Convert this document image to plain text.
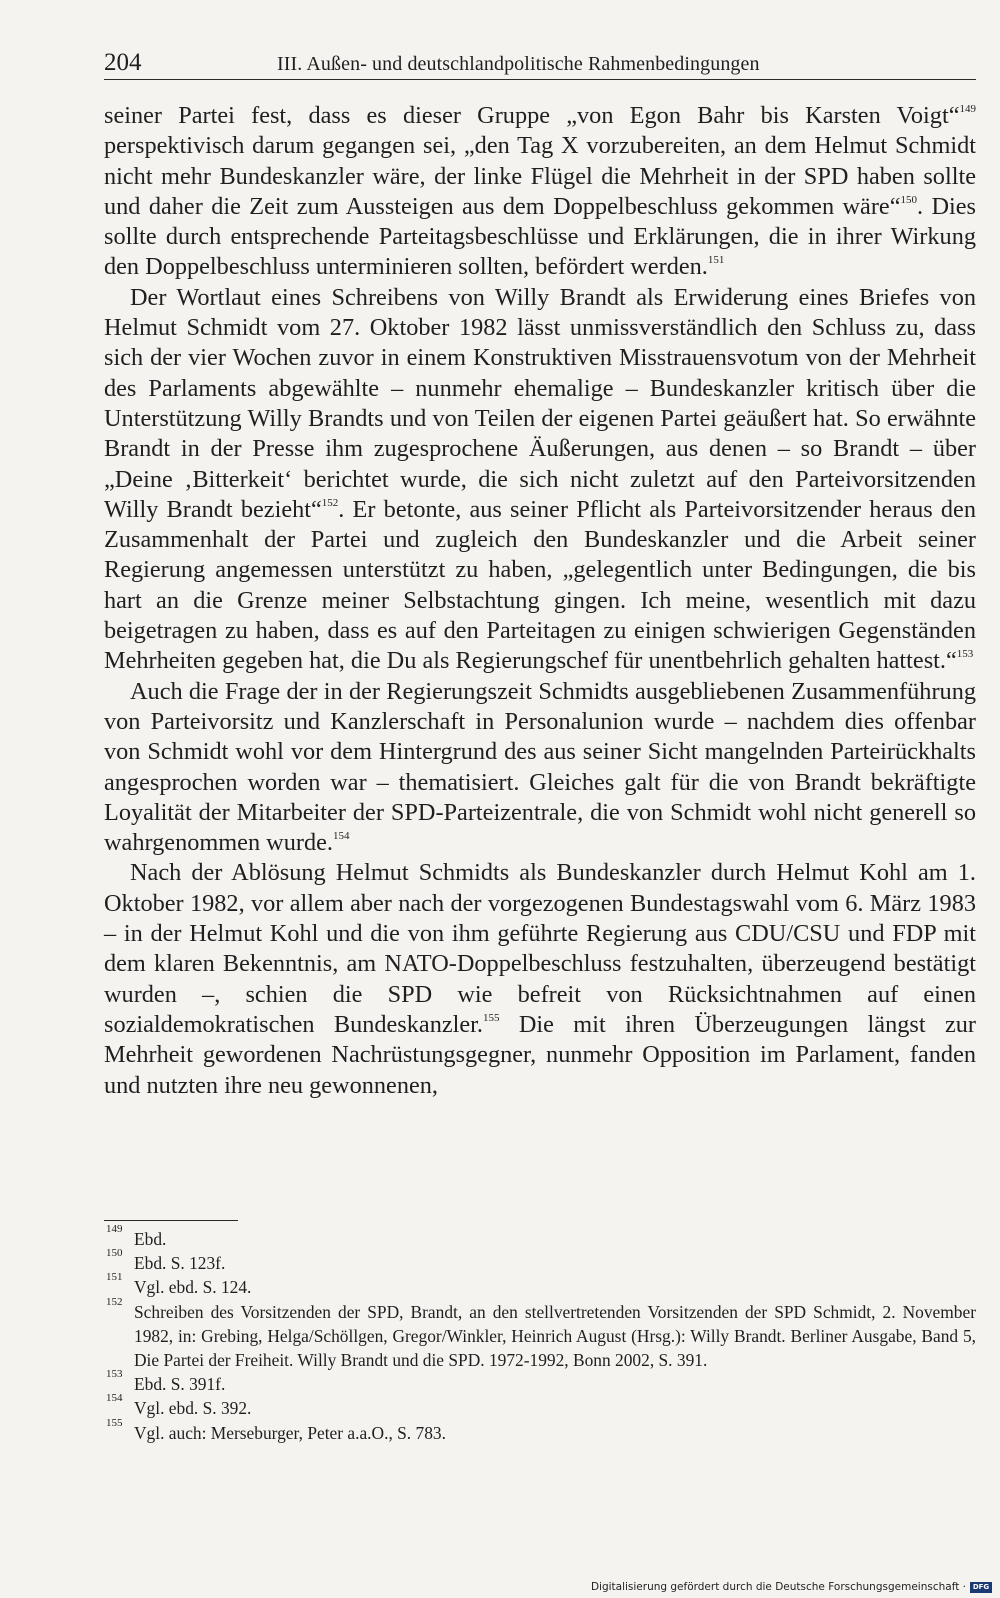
204	III. Außen- und deutschlandpolitische Rahmenbedingungen

seiner Partei fest, dass es dieser Gruppe „von Egon Bahr bis Karsten Voigt“$^{149}$ perspektivisch darum gegangen sei, „den Tag X vorzubereiten, an dem Helmut Schmidt nicht mehr Bundeskanzler wäre, der linke Flügel die Mehrheit in der SPD haben sollte und daher die Zeit zum Aussteigen aus dem Doppelbeschluss gekommen wäre“$^{150}$. Dies sollte durch entsprechende Parteitagsbeschlüsse und Erklärungen, die in ihrer Wirkung den Doppelbeschluss unterminieren sollten, befördert werden.$^{151}$

Der Wortlaut eines Schreibens von Willy Brandt als Erwiderung eines Briefes von Helmut Schmidt vom 27. Oktober 1982 lässt unmissverständlich den Schluss zu, dass sich der vier Wochen zuvor in einem Konstruktiven Misstrauensvotum von der Mehrheit des Parlaments abgewählte – nunmehr ehemalige – Bundeskanzler kritisch über die Unterstützung Willy Brandts und von Teilen der eigenen Partei geäußert hat. So erwähnte Brandt in der Presse ihm zugesprochene Äußerungen, aus denen – so Brandt – über „Deine ‚Bitterkeit‘ berichtet wurde, die sich nicht zuletzt auf den Parteivorsitzenden Willy Brandt bezieht“$^{152}$. Er betonte, aus seiner Pflicht als Parteivorsitzender heraus den Zusammenhalt der Partei und zugleich den Bundeskanzler und die Arbeit seiner Regierung angemessen unterstützt zu haben, „gelegentlich unter Bedingungen, die bis hart an die Grenze meiner Selbstachtung gingen. Ich meine, wesentlich mit dazu beigetragen zu haben, dass es auf den Parteitagen zu einigen schwierigen Gegenständen Mehrheiten gegeben hat, die Du als Regierungschef für unentbehrlich gehalten hattest.“$^{153}$

Auch die Frage der in der Regierungszeit Schmidts ausgebliebenen Zusammenführung von Parteivorsitz und Kanzlerschaft in Personalunion wurde – nachdem dies offenbar von Schmidt wohl vor dem Hintergrund des aus seiner Sicht mangelnden Parteirückhalts angesprochen worden war – thematisiert. Gleiches galt für die von Brandt bekräftigte Loyalität der Mitarbeiter der SPD-Parteizentrale, die von Schmidt wohl nicht generell so wahrgenommen wurde.$^{154}$

Nach der Ablösung Helmut Schmidts als Bundeskanzler durch Helmut Kohl am 1. Oktober 1982, vor allem aber nach der vorgezogenen Bundestagswahl vom 6. März 1983 – in der Helmut Kohl und die von ihm geführte Regierung aus CDU/CSU und FDP mit dem klaren Bekenntnis, am NATO-Doppelbeschluss festzuhalten, überzeugend bestätigt wurden –, schien die SPD wie befreit von Rücksichtnahmen auf einen sozialdemokratischen Bundeskanzler.$^{155}$ Die mit ihren Überzeugungen längst zur Mehrheit gewordenen Nachrüstungsgegner, nunmehr Opposition im Parlament, fanden und nutzten ihre neu gewonnenen,

149 Ebd.

150 Ebd. S. 123f.

151 Vgl. ebd. S. 124.

152 Schreiben des Vorsitzenden der SPD, Brandt, an den stellvertretenden Vorsitzenden der SPD Schmidt, 2. November 1982, in: Grebing, Helga/Schöllgen, Gregor/Winkler, Heinrich August (Hrsg.): Willy Brandt. Berliner Ausgabe, Band 5, Die Partei der Freiheit. Willy Brandt und die SPD. 1972-1992, Bonn 2002, S. 391.

153 Ebd. S. 391f.

154 Vgl. ebd. S. 392.

155 Vgl. auch: Merseburger, Peter a.a.O., S. 783.

Digitalisierung gefördert durch die Deutsche Forschungsgemeinschaft · DFG
